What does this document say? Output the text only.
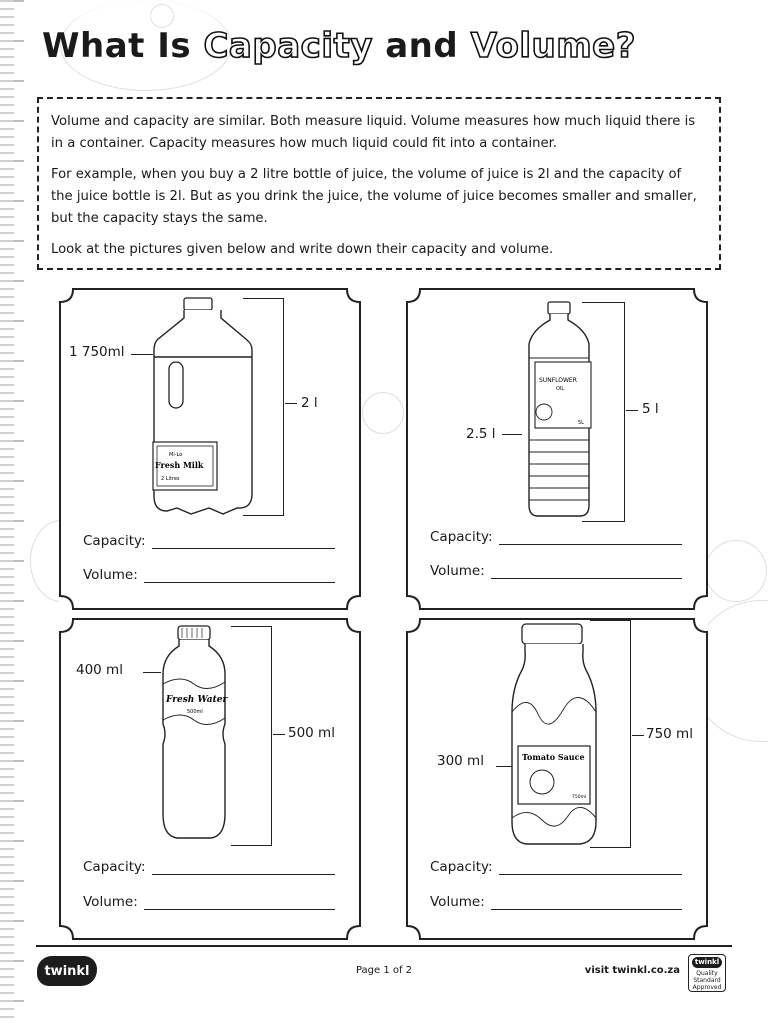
What Is Capacity and Volume?

Volume and capacity are similar. Both measure liquid. Volume measures how much liquid there is in a container. Capacity measures how much liquid could fit into a container.

For example, when you buy a 2 litre bottle of juice, the volume of juice is 2l and the capacity of the juice bottle is 2l. But as you drink the juice, the volume of juice becomes smaller and smaller, but the capacity stays the same.

Look at the pictures given below and write down their capacity and volume.

Mi-Lo
Fresh Milk
2 Litres
1 750ml
2 l
Capacity:
Volume:
SUNFLOWER
OIL
5L
2.5 l
5 l
Capacity:
Volume:
Fresh Water
500ml
400 ml
500 ml
Capacity:
Volume:
Tomato Sauce
750ml
300 ml
750 ml
Capacity:
Volume:
twinkl	Page 1 of 2	visit twinkl.co.za
twinkl
Quality Standard Approved
